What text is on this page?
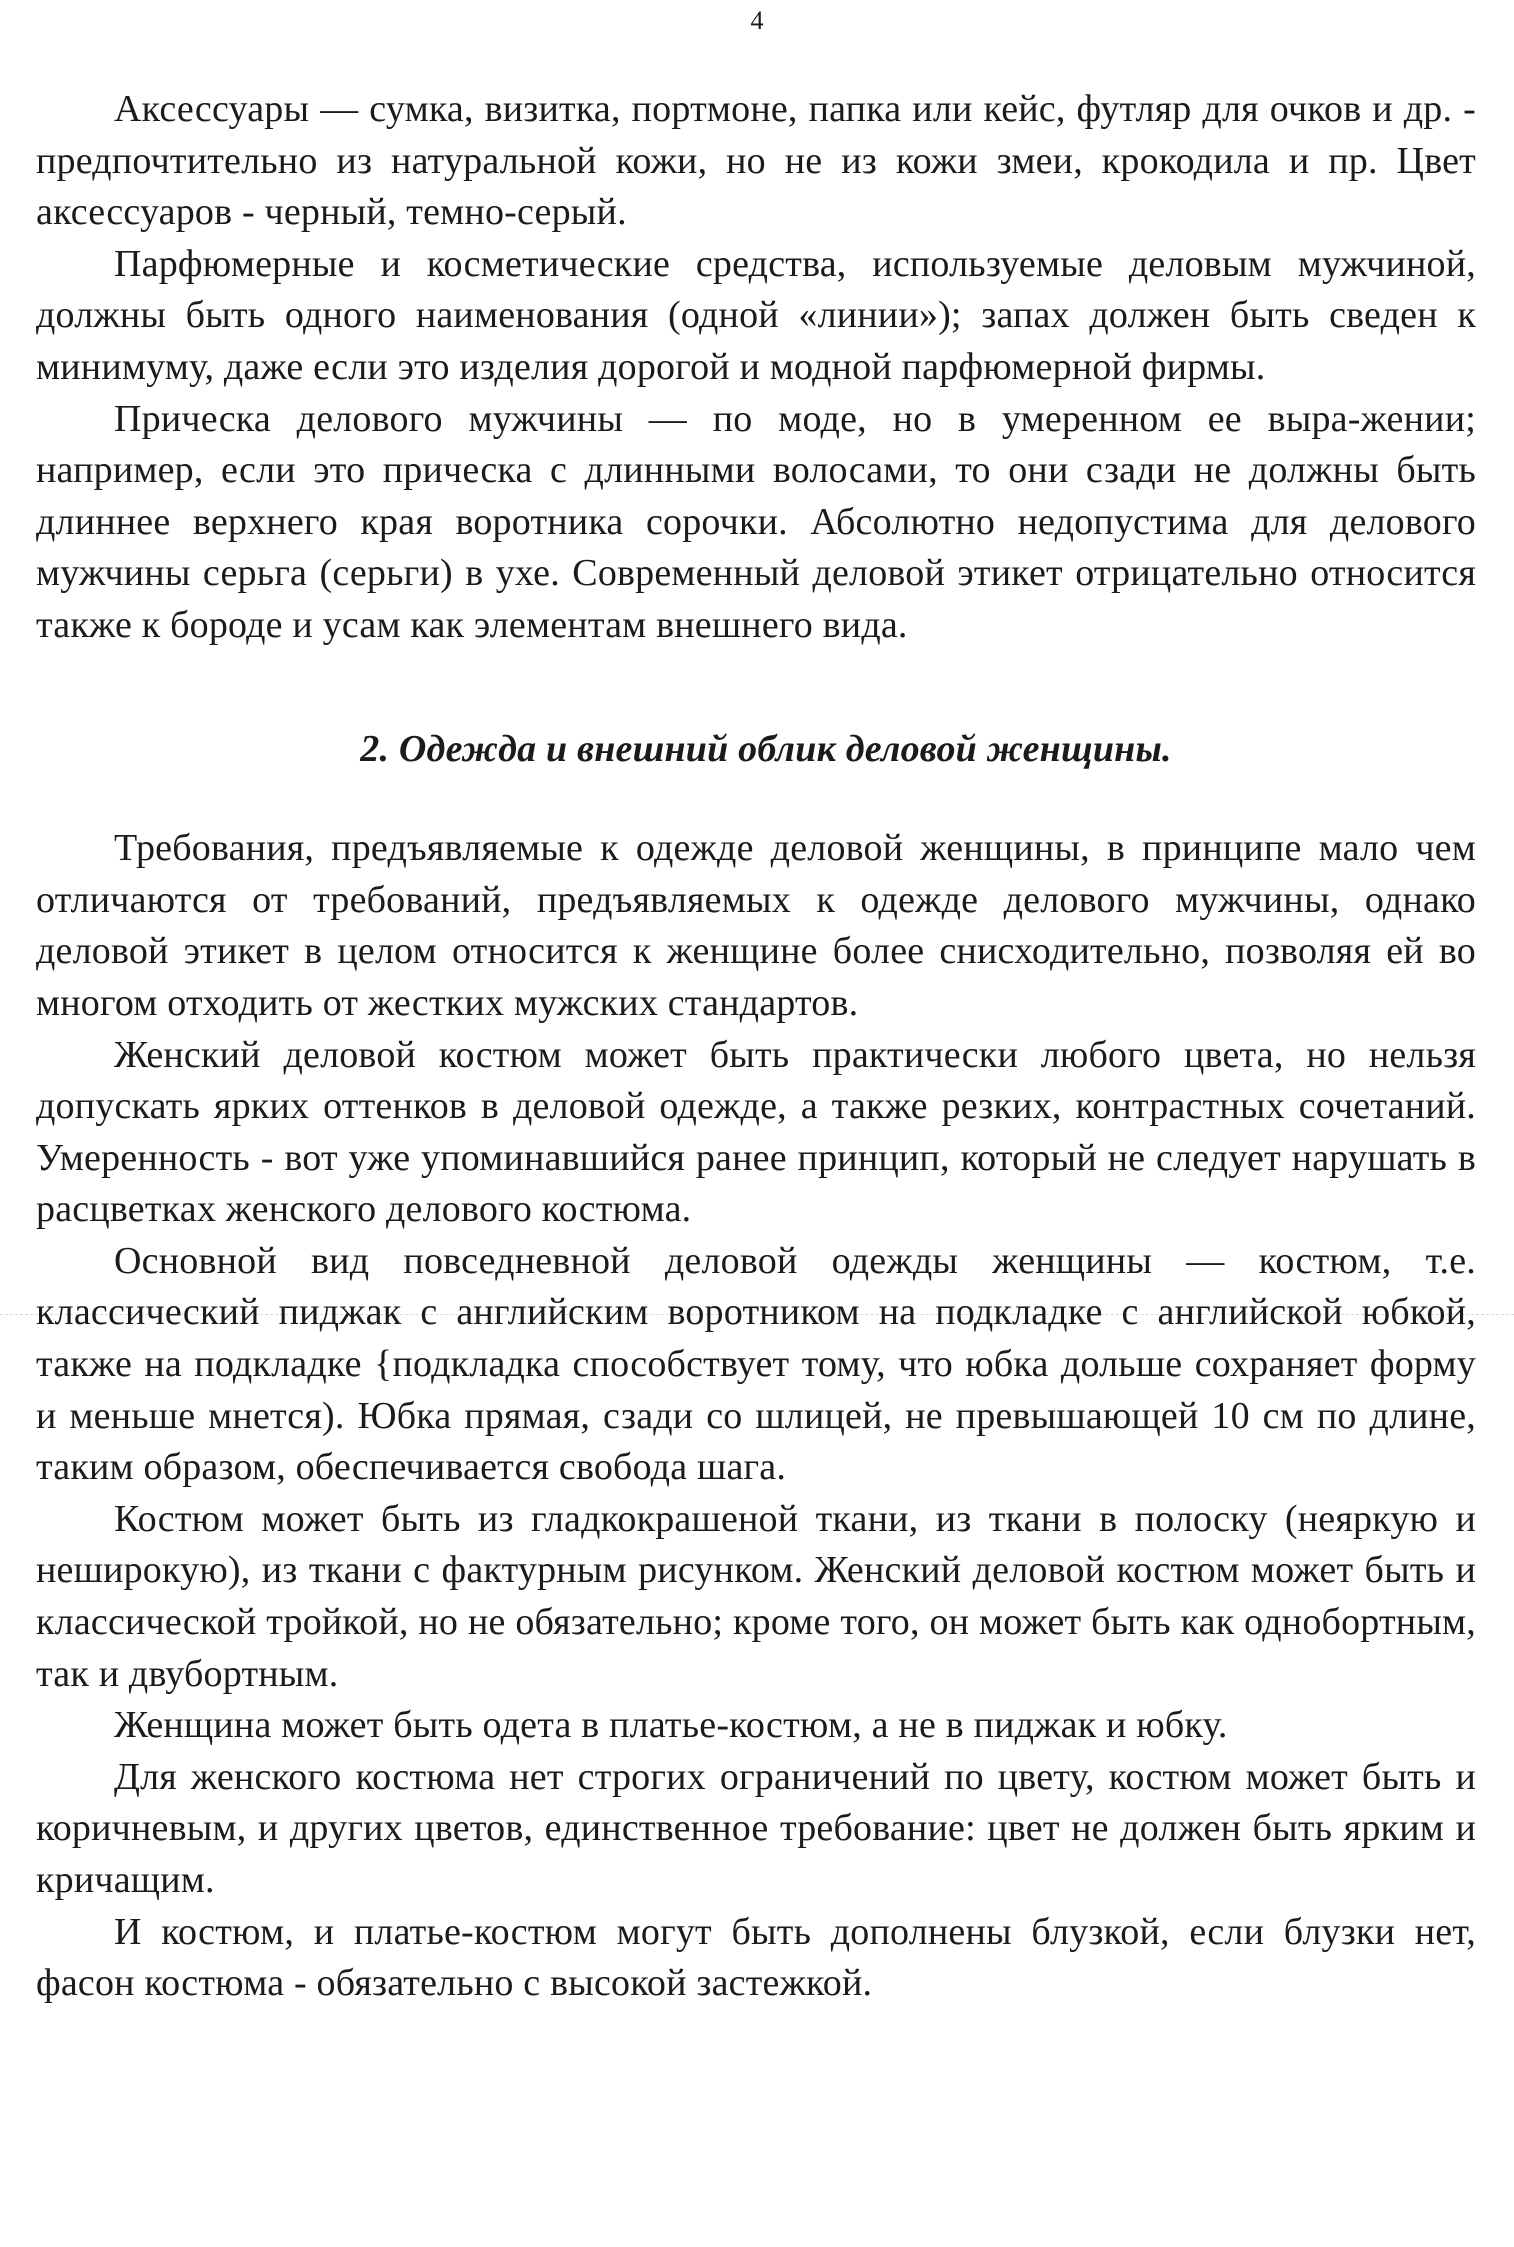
4

Аксессуары — сумка, визитка, портмоне, папка или кейс, футляр для очков и др. - предпочтительно из натуральной кожи, но не из кожи змеи, крокодила и пр. Цвет аксессуаров - черный, темно-серый.

Парфюмерные и косметические средства, используемые деловым мужчиной, должны быть одного наименования (одной «линии»); запах должен быть сведен к минимуму, даже если это изделия дорогой и модной парфюмерной фирмы.

Прическа делового мужчины — по моде, но в умеренном ее выра-жении; например, если это прическа с длинными волосами, то они сзади не должны быть длиннее верхнего края воротника сорочки. Абсолютно недопустима для делового мужчины серьга (серьги) в ухе. Современный деловой этикет отрицательно относится также к бороде и усам как элементам внешнего вида.

2. Одежда и внешний облик деловой женщины.

Требования, предъявляемые к одежде деловой женщины, в принципе мало чем отличаются от требований, предъявляемых к одежде делового мужчины, однако деловой этикет в целом относится к женщине более снисходительно, позволяя ей во многом отходить от жестких мужских стандартов.

Женский деловой костюм может быть практически любого цвета, но нельзя допускать ярких оттенков в деловой одежде, а также резких, контрастных сочетаний. Умеренность - вот уже упоминавшийся ранее принцип, который не следует нарушать в расцветках женского делового костюма.

Основной вид повседневной деловой одежды женщины — костюм, т.е. классический пиджак с английским воротником на подкладке с английской юбкой, также на подкладке {подкладка способствует тому, что юбка дольше сохраняет форму и меньше мнется). Юбка прямая, сзади со шлицей, не превышающей 10 см по длине, таким образом, обеспечивается свобода шага.

Костюм может быть из гладкокрашеной ткани, из ткани в полоску (неяркую и неширокую), из ткани с фактурным рисунком. Женский деловой костюм может быть и классической тройкой, но не обязательно; кроме того, он может быть как однобортным, так и двубортным.

Женщина может быть одета в платье-костюм, а не в пиджак и юбку.

Для женского костюма нет строгих ограничений по цвету, костюм может быть и коричневым, и других цветов, единственное требование: цвет не должен быть ярким и кричащим.

И костюм, и платье-костюм могут быть дополнены блузкой, если блузки нет, фасон костюма - обязательно с высокой застежкой.
